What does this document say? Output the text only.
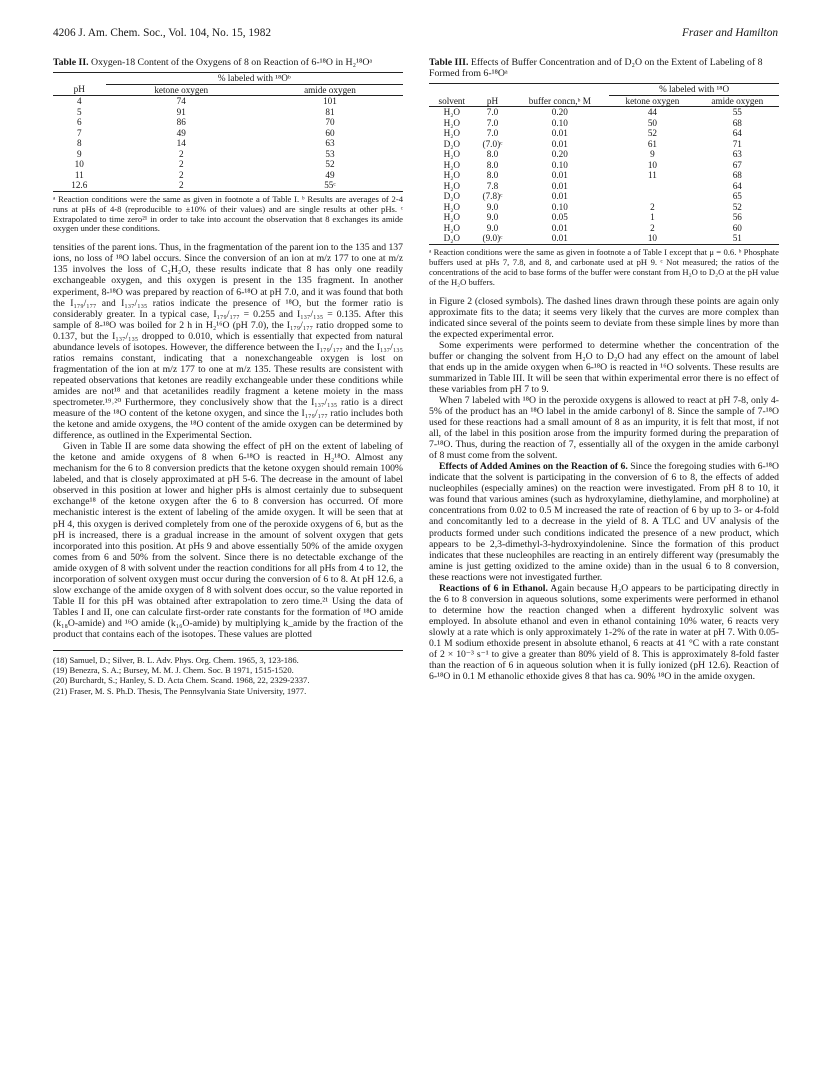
4206 J. Am. Chem. Soc., Vol. 104, No. 15, 1982	Fraser and Hamilton
Table II. Oxygen-18 Content of the Oxygens of 8 on Reaction of 6-¹⁸O in H₂¹⁸Oᵃ
	% labeled with ¹⁸Oᵇ	
pH	ketone oxygen	amide oxygen
4	74	101
5	91	81
6	86	70
7	49	60
8	14	63
9	2	53
10	2	52
11	2	49
12.6	2	55ᶜ
ᵃ Reaction conditions were the same as given in footnote a of Table I. ᵇ Results are averages of 2-4 runs at pHs of 4-8 (reproducible to ±10% of their values) and are single results at other pHs. ᶜ Extrapolated to time zero²¹ in order to take into account the observation that 8 exchanges its amide oxygen under these conditions.

tensities of the parent ions. Thus, in the fragmentation of the parent ion to the 135 and 137 ions, no loss of ¹⁸O label occurs. Since the conversion of an ion at m/z 177 to one at m/z 135 involves the loss of C₂H₂O, these results indicate that 8 has only one readily exchangeable oxygen, and this oxygen is present in the 135 fragment. In another experiment, 8-¹⁸O was prepared by reaction of 6-¹⁸O at pH 7.0, and it was found that both the I₁₇₉/₁₇₇ and I₁₃₇/₁₃₅ ratios indicate the presence of ¹⁸O, but the former ratio is considerably greater. In a typical case, I₁₇₉/₁₇₇ = 0.255 and I₁₃₇/₁₃₅ = 0.135. After this sample of 8-¹⁸O was boiled for 2 h in H₂¹⁶O (pH 7.0), the I₁₇₉/₁₇₇ ratio dropped some to 0.137, but the I₁₃₇/₁₃₅ dropped to 0.010, which is essentially that expected from natural abundance levels of isotopes. However, the difference between the I₁₇₉/₁₇₇ and the I₁₃₇/₁₃₅ ratios remains constant, indicating that a nonexchangeable oxygen is lost on fragmentation of the ion at m/z 177 to one at m/z 135. These results are consistent with repeated observations that ketones are readily exchangeable under these conditions while amides are not¹⁸ and that acetanilides readily fragment a ketene moiety in the mass spectrometer.¹⁹˒²⁰ Furthermore, they conclusively show that the I₁₃₇/₁₃₅ ratio is a direct measure of the ¹⁸O content of the ketone oxygen, and since the I₁₇₉/₁₇₇ ratio includes both the ketone and amide oxygens, the ¹⁸O content of the amide oxygen can be determined by difference, as outlined in the Experimental Section.

Given in Table II are some data showing the effect of pH on the extent of labeling of the ketone and amide oxygens of 8 when 6-¹⁸O is reacted in H₂¹⁸O. Almost any mechanism for the 6 to 8 conversion predicts that the ketone oxygen should remain 100% labeled, and that is closely approximated at pH 5-6. The decrease in the amount of label observed in this position at lower and higher pHs is almost certainly due to subsequent exchange¹⁸ of the ketone oxygen after the 6 to 8 conversion has occurred. Of more mechanistic interest is the extent of labeling of the amide oxygen. It will be seen that at pH 4, this oxygen is derived completely from one of the peroxide oxygens of 6, but as the pH is increased, there is a gradual increase in the amount of solvent oxygen that gets incorporated into this position. At pHs 9 and above essentially 50% of the amide oxygen comes from 6 and 50% from the solvent. Since there is no detectable exchange of the amide oxygen of 8 with solvent under the reaction conditions for all pHs from 4 to 12, the incorporation of solvent oxygen must occur during the conversion of 6 to 8. At pH 12.6, a slow exchange of the amide oxygen of 8 with solvent does occur, so the value reported in Table II for this pH was obtained after extrapolation to zero time.²¹ Using the data of Tables I and II, one can calculate first-order rate constants for the formation of ¹⁸O amide (k₁₈O-amide) and ¹⁶O amide (k₁₆O-amide) by multiplying k_amide by the fraction of the product that contains each of the isotopes. These values are plotted

(18) Samuel, D.; Silver, B. L. Adv. Phys. Org. Chem. 1965, 3, 123-186.
(19) Benezra, S. A.; Bursey, M. M. J. Chem. Soc. B 1971, 1515-1520.
(20) Burchardt, S.; Hanley, S. D. Acta Chem. Scand. 1968, 22, 2329-2337.
(21) Fraser, M. S. Ph.D. Thesis, The Pennsylvania State University, 1977.
Table III. Effects of Buffer Concentration and of D₂O on the Extent of Labeling of 8 Formed from 6-¹⁸Oᵃ
			% labeled with ¹⁸O	
solvent	pH	buffer concn,ᵇ M	ketone oxygen	amide oxygen
H₂O	7.0	0.20	44	55
H₂O	7.0	0.10	50	68
H₂O	7.0	0.01	52	64
D₂O	(7.0)ᶜ	0.01	61	71
H₂O	8.0	0.20	9	63
H₂O	8.0	0.10	10	67
H₂O	8.0	0.01	11	68
H₂O	7.8	0.01		64
D₂O	(7.8)ᶜ	0.01		65
H₂O	9.0	0.10	2	52
H₂O	9.0	0.05	1	56
H₂O	9.0	0.01	2	60
D₂O	(9.0)ᶜ	0.01	10	51
ᵃ Reaction conditions were the same as given in footnote a of Table I except that μ = 0.6. ᵇ Phosphate buffers used at pHs 7, 7.8, and 8, and carbonate used at pH 9. ᶜ Not measured; the ratios of the concentrations of the acid to base forms of the buffer were constant from H₂O to D₂O at the pH value of the H₂O buffers.

in Figure 2 (closed symbols). The dashed lines drawn through these points are again only approximate fits to the data; it seems very likely that the curves are more complex than indicated since several of the points seem to deviate from these simple lines by more than the expected experimental error.

Some experiments were performed to determine whether the concentration of the buffer or changing the solvent from H₂O to D₂O had any effect on the amount of label that ends up in the amide oxygen when 6-¹⁸O is reacted in ¹⁶O solvents. These results are summarized in Table III. It will be seen that within experimental error there is no effect of these variables from pH 7 to 9.

When 7 labeled with ¹⁸O in the peroxide oxygens is allowed to react at pH 7-8, only 4-5% of the product has an ¹⁸O label in the amide carbonyl of 8. Since the sample of 7-¹⁸O used for these reactions had a small amount of 8 as an impurity, it is felt that most, if not all, of the label in this position arose from the impurity formed during the preparation of 7-¹⁸O. Thus, during the reaction of 7, essentially all of the oxygen in the amide carbonyl of 8 must come from the solvent.

Effects of Added Amines on the Reaction of 6. Since the foregoing studies with 6-¹⁸O indicate that the solvent is participating in the conversion of 6 to 8, the effects of added nucleophiles (especially amines) on the reaction were investigated. From pH 8 to 10, it was found that various amines (such as hydroxylamine, diethylamine, and morpholine) at concentrations from 0.02 to 0.5 M increased the rate of reaction of 6 by up to 3- or 4-fold and concomitantly led to a decrease in the yield of 8. A TLC and UV analysis of the products formed under such conditions indicated the presence of a new product, which appears to be 2,3-dimethyl-3-hydroxyindolenine. Since the formation of this product indicates that these nucleophiles are reacting in an entirely different way (presumably the amine is just getting oxidized to the amine oxide) than in the usual 6 to 8 conversion, these reactions were not investigated further.

Reactions of 6 in Ethanol. Again because H₂O appears to be participating directly in the 6 to 8 conversion in aqueous solutions, some experiments were performed in ethanol to determine how the reaction changed when a different hydroxylic solvent was employed. In absolute ethanol and even in ethanol containing 10% water, 6 reacts very slowly at a rate which is only approximately 1-2% of the rate in water at pH 7. With 0.05-0.1 M sodium ethoxide present in absolute ethanol, 6 reacts at 41 °C with a rate constant of 2 × 10⁻³ s⁻¹ to give a greater than 80% yield of 8. This is approximately 8-fold faster than the reaction of 6 in aqueous solution when it is fully ionized (pH 12.6). Reaction of 6-¹⁸O in 0.1 M ethanolic ethoxide gives 8 that has ca. 90% ¹⁸O in the amide oxygen.
